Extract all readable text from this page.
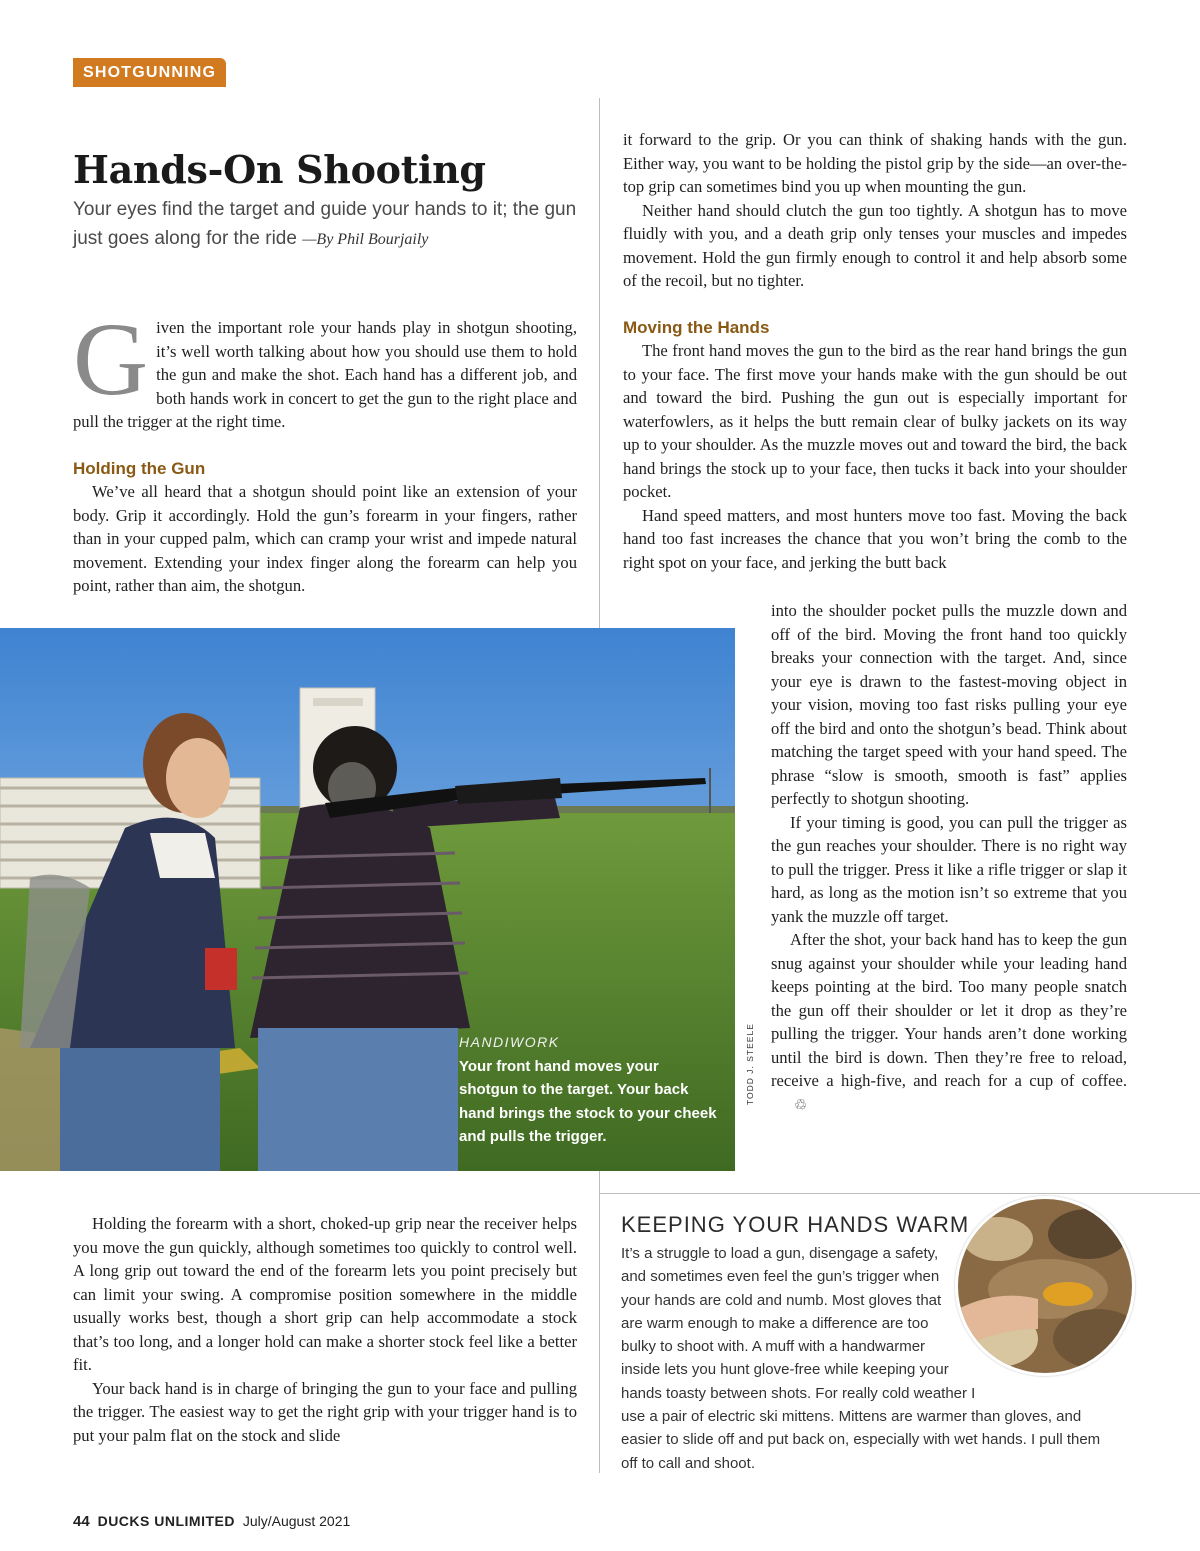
SHOTGUNNING
Hands-On Shooting
Your eyes find the target and guide your hands to it; the gun just goes along for the ride —By Phil Bourjaily

Given the important role your hands play in shotgun shooting, it’s well worth talking about how you should use them to hold the gun and make the shot. Each hand has a different job, and both hands work in concert to get the gun to the right place and pull the trigger at the right time.

Holding the Gun

We’ve all heard that a shotgun should point like an extension of your body. Grip it accordingly. Hold the gun’s forearm in your fingers, rather than in your cupped palm, which can cramp your wrist and impede natural movement. Extending your index finger along the forearm can help you point, rather than aim, the shotgun.

HANDIWORK
Your front hand moves your shotgun to the target. Your back hand brings the stock to your cheek and pulls the trigger.
TODD J. STEELE

Holding the forearm with a short, choked-up grip near the receiver helps you move the gun quickly, although sometimes too quickly to control well. A long grip out toward the end of the forearm lets you point precisely but can limit your swing. A compromise position somewhere in the middle usually works best, though a short grip can help accommodate a stock that’s too long, and a longer hold can make a shorter stock feel like a better fit.

Your back hand is in charge of bringing the gun to your face and pulling the trigger. The easiest way to get the right grip with your trigger hand is to put your palm flat on the stock and slide

it forward to the grip. Or you can think of shaking hands with the gun. Either way, you want to be holding the pistol grip by the side—an over-the-top grip can sometimes bind you up when mounting the gun.

Neither hand should clutch the gun too tightly. A shotgun has to move fluidly with you, and a death grip only tenses your muscles and impedes movement. Hold the gun firmly enough to control it and help absorb some of the recoil, but no tighter.

Moving the Hands

The front hand moves the gun to the bird as the rear hand brings the gun to your face. The first move your hands make with the gun should be out and toward the bird. Pushing the gun out is especially important for waterfowlers, as it helps the butt remain clear of bulky jackets on its way up to your shoulder. As the muzzle moves out and toward the bird, the back hand brings the stock up to your face, then tucks it back into your shoulder pocket.

Hand speed matters, and most hunters move too fast. Moving the back hand too fast increases the chance that you won’t bring the comb to the right spot on your face, and jerking the butt back

into the shoulder pocket pulls the muzzle down and off of the bird. Moving the front hand too quickly breaks your connection with the target. And, since your eye is drawn to the fastest-moving object in your vision, moving too fast risks pulling your eye off the bird and onto the shotgun’s bead. Think about matching the target speed with your hand speed. The phrase “slow is smooth, smooth is fast” applies perfectly to shotgun shooting.

If your timing is good, you can pull the trigger as the gun reaches your shoulder. There is no right way to pull the trigger. Press it like a rifle trigger or slap it hard, as long as the motion isn’t so extreme that you yank the muzzle off target.

After the shot, your back hand has to keep the gun snug against your shoulder while your leading hand keeps pointing at the bird. Too many people snatch the gun off their shoulder or let it drop as they’re pulling the trigger. Your hands aren’t done working until the bird is down. Then they’re free to reload, receive a high-five, and reach for a cup of coffee.♲

KEEPING YOUR HANDS WARM
It’s a struggle to load a gun, disengage a safety, and sometimes even feel the gun’s trigger when your hands are cold and numb. Most gloves that are warm enough to make a difference are too bulky to shoot with. A muff with a handwarmer inside lets you hunt glove-free while keeping your hands toasty between shots. For really cold weather I use a pair of electric ski mittens. Mittens are warmer than gloves, and easier to slide off and put back on, especially with wet hands. I pull them off to call and shoot.
44 DUCKS UNLIMITED July/August 2021
